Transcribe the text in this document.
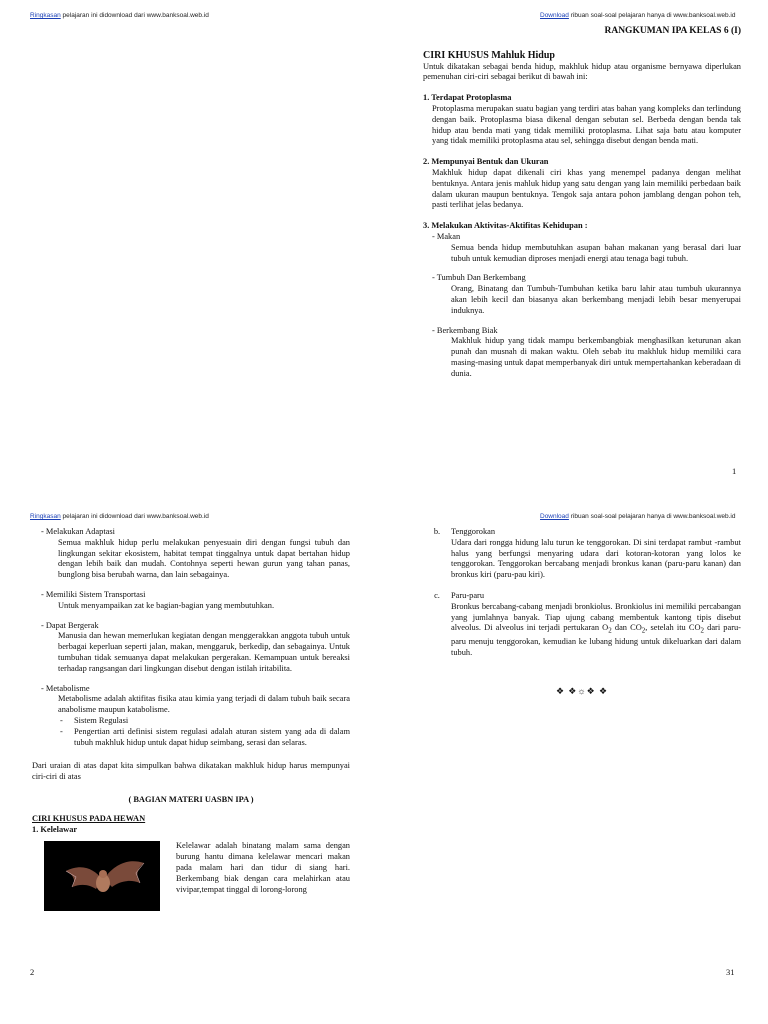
Ringkasan pelajaran ini didownload dari www.banksoal.web.id	Download ribuan soal-soal pelajaran hanya di www.banksoal.web.id
Ringkasan pelajaran ini didownload dari www.banksoal.web.id	Download ribuan soal-soal pelajaran hanya di www.banksoal.web.id
RANGKUMAN IPA KELAS 6 (I)
CIRI KHUSUS Mahluk Hidup

Untuk dikatakan sebagai benda hidup, makhluk hidup atau organisme bernyawa diperlukan pemenuhan ciri-ciri sebagai berikut di bawah ini:

1. Terdapat Protoplasma

Protoplasma merupakan suatu bagian yang terdiri atas bahan yang kompleks dan terlindung dengan baik. Protoplasma biasa dikenal dengan sebutan sel. Berbeda dengan benda tak hidup atau benda mati yang tidak memiliki protoplasma. Lihat saja batu atau komputer yang tidak memiliki protoplasma atau sel, sehingga disebut dengan benda mati.

2. Mempunyai Bentuk dan Ukuran

Makhluk hidup dapat dikenali ciri khas yang menempel padanya dengan melihat bentuknya. Antara jenis mahluk hidup yang satu dengan yang lain memiliki perbedaan baik dalam ukuran maupun bentuknya. Tengok saja antara pohon jamblang dengan pohon teh, pasti terlihat jelas bedanya.

3. Melakukan Aktivitas-Aktifitas Kehidupan :
- Makan

Semua benda hidup membutuhkan asupan bahan makanan yang berasal dari luar tubuh untuk kemudian diproses menjadi energi atau tenaga bagi tubuh.

- Tumbuh Dan Berkembang

Orang, Binatang dan Tumbuh-Tumbuhan ketika baru lahir atau tumbuh ukurannya akan lebih kecil dan biasanya akan berkembang menjadi lebih besar menyerupai induknya.

- Berkembang Biak

Makhluk hidup yang tidak mampu berkembangbiak menghasilkan keturunan akan punah dan musnah di makan waktu. Oleh sebab itu makhluk hidup memiliki cara masing-masing untuk dapat memperbanyak diri untuk mempertahankan keberadaan di dunia.

1
- Melakukan Adaptasi

Semua makhluk hidup perlu melakukan penyesuain diri dengan fungsi tubuh dan lingkungan sekitar ekosistem, habitat tempat tinggalnya untuk dapat bertahan hidup dengan lebih baik dan mudah. Contohnya seperti hewan gurun yang tahan panas, bunglong bisa berubah warna, dan lain sebagainya.

- Memiliki Sistem Transportasi

Untuk menyampaikan zat ke bagian-bagian yang membutuhkan.

- Dapat Bergerak

Manusia dan hewan memerlukan kegiatan dengan menggerakkan anggota tubuh untuk berbagai keperluan seperti jalan, makan, menggaruk, berkedip, dan sebagainya. Untuk tumbuhan tidak semuanya dapat melakukan pergerakan. Kemampuan untuk bereaksi terhadap rangsangan dari lingkungan disebut dengan istilah iritabilita.

- Metabolisme

Metabolisme adalah aktifitas fisika atau kimia yang terjadi di dalam tubuh baik secara anabolisme maupun katabolisme.

-	Sistem Regulasi
-	Pengertian arti definisi sistem regulasi adalah aturan sistem yang ada di dalam tubuh makhluk hidup untuk dapat hidup seimbang, serasi dan selaras.

Dari uraian di atas dapat kita simpulkan bahwa dikatakan makhluk hidup harus mempunyai ciri-ciri di atas

( BAGIAN MATERI UASBN IPA )
CIRI KHUSUS PADA HEWAN
1. Kelelawar

Kelelawar adalah binatang malam sama dengan burung hantu dimana kelelawar mencari makan pada malam hari dan tidur di siang hari. Berkembang biak dengan cara melahirkan atau vivipar,tempat tinggal di lorong-lorong

2
b.	Tenggorokan

Udara dari rongga hidung lalu turun ke tenggorokan. Di sini terdapat rambut -rambut halus yang berfungsi menyaring udara dari kotoran-kotoran yang lolos ke tenggorokan. Tenggorokan bercabang menjadi bronkus kanan (paru-paru kanan) dan bronkus kiri (paru-pau kiri).

c.	Paru-paru

Bronkus bercabang-cabang menjadi bronkiolus. Bronkiolus ini memiliki percabangan yang jumlahnya banyak. Tiap ujung cabang membentuk kantong tipis disebut alveolus. Di alveolus ini terjadi pertukaran $O_2$ dan $CO_2$, setelah itu $CO_2$ dari paru-paru menuju tenggorokan, kemudian ke lubang hidung untuk dikeluarkan dari dalam tubuh.

❖ ❖☼❖ ❖
31
